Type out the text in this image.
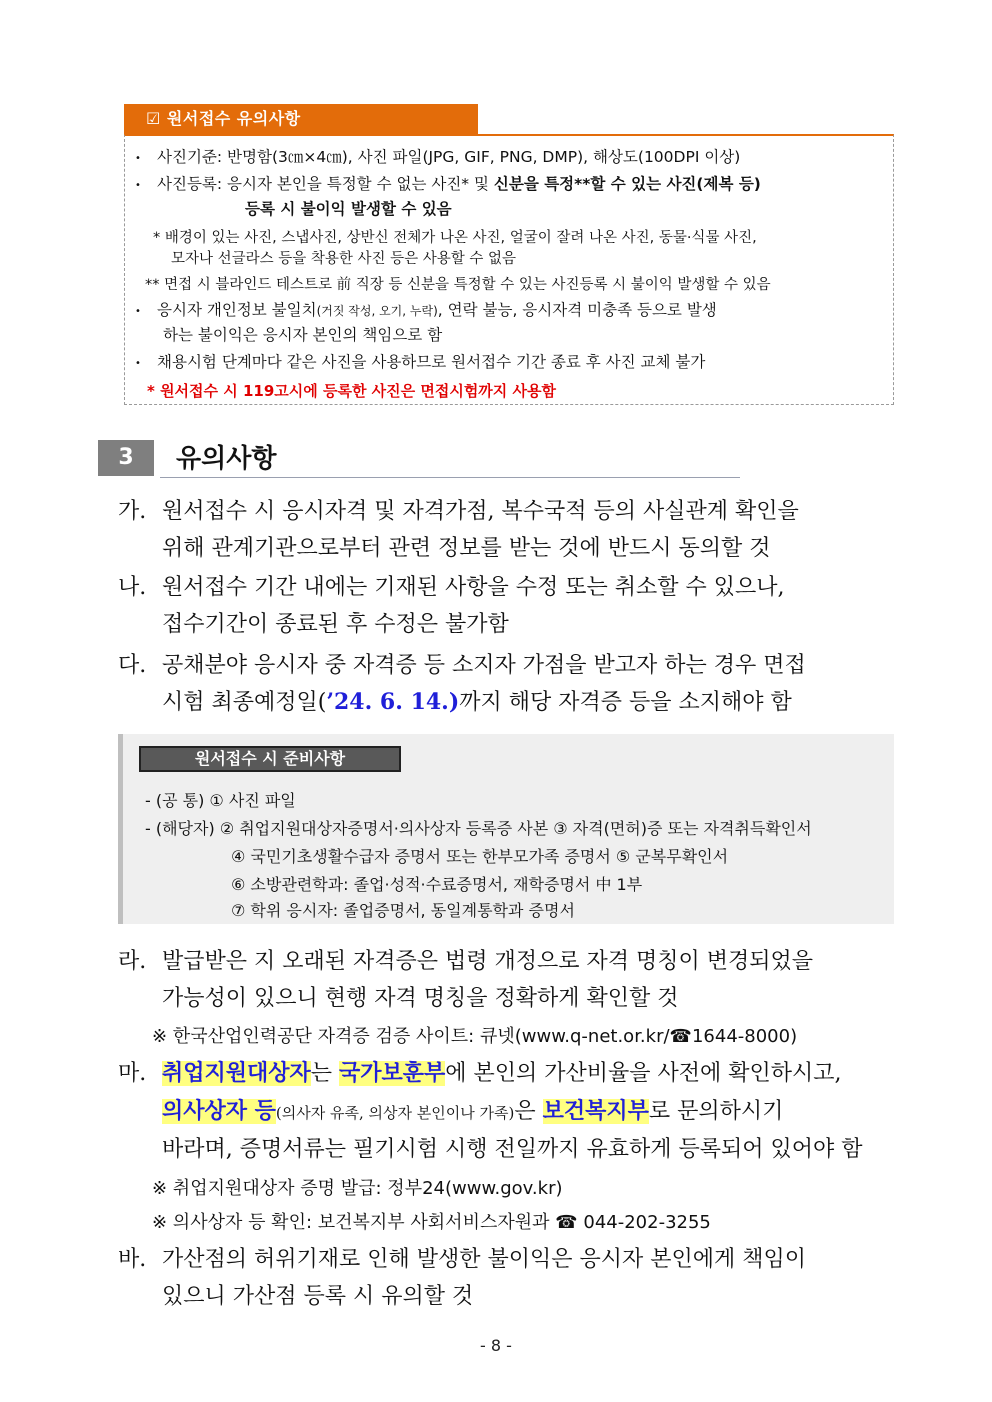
☑ 원서접수 유의사항
• 사진기준: 반명함(3㎝×4㎝), 사진 파일(JPG, GIF, PNG, DMP), 해상도(100DPI 이상)
• 사진등록: 응시자 본인을 특정할 수 없는 사진* 및 신분을 특정**할 수 있는 사진(제복 등)
등록 시 불이익 발생할 수 있음
* 배경이 있는 사진, 스냅사진, 상반신 전체가 나온 사진, 얼굴이 잘려 나온 사진, 동물·식물 사진,
모자나 선글라스 등을 착용한 사진 등은 사용할 수 없음
** 면접 시 블라인드 테스트로 前 직장 등 신분을 특정할 수 있는 사진등록 시 불이익 발생할 수 있음
• 응시자 개인정보 불일치(거짓 작성, 오기, 누락), 연락 불능, 응시자격 미충족 등으로 발생
하는 불이익은 응시자 본인의 책임으로 함
• 채용시험 단계마다 같은 사진을 사용하므로 원서접수 기간 종료 후 사진 교체 불가
* 원서접수 시 119고시에 등록한 사진은 면접시험까지 사용함
3	유의사항
가. 원서접수 시 응시자격 및 자격가점, 복수국적 등의 사실관계 확인을
위해 관계기관으로부터 관련 정보를 받는 것에 반드시 동의할 것
나. 원서접수 기간 내에는 기재된 사항을 수정 또는 취소할 수 있으나,
접수기간이 종료된 후 수정은 불가함
다. 공채분야 응시자 중 자격증 등 소지자 가점을 받고자 하는 경우 면접
시험 최종예정일(’24. 6. 14.)까지 해당 자격증 등을 소지해야 함
원서접수 시 준비사항
- (공 통) ① 사진 파일
- (해당자) ② 취업지원대상자증명서·의사상자 등록증 사본 ③ 자격(면허)증 또는 자격취득확인서
④ 국민기초생활수급자 증명서 또는 한부모가족 증명서 ⑤ 군복무확인서
⑥ 소방관련학과: 졸업·성적·수료증명서, 재학증명서 中 1부
⑦ 학위 응시자: 졸업증명서, 동일계통학과 증명서
라. 발급받은 지 오래된 자격증은 법령 개정으로 자격 명칭이 변경되었을
가능성이 있으니 현행 자격 명칭을 정확하게 확인할 것
※ 한국산업인력공단 자격증 검증 사이트: 큐넷(www.q-net.or.kr/☎1644-8000)
마. 취업지원대상자는 국가보훈부에 본인의 가산비율을 사전에 확인하시고,
의사상자 등(의사자 유족, 의상자 본인이나 가족)은 보건복지부로 문의하시기
바라며, 증명서류는 필기시험 시행 전일까지 유효하게 등록되어 있어야 함
※ 취업지원대상자 증명 발급: 정부24(www.gov.kr)
※ 의사상자 등 확인: 보건복지부 사회서비스자원과 ☎ 044-202-3255
바. 가산점의 허위기재로 인해 발생한 불이익은 응시자 본인에게 책임이
있으니 가산점 등록 시 유의할 것
- 8 -
